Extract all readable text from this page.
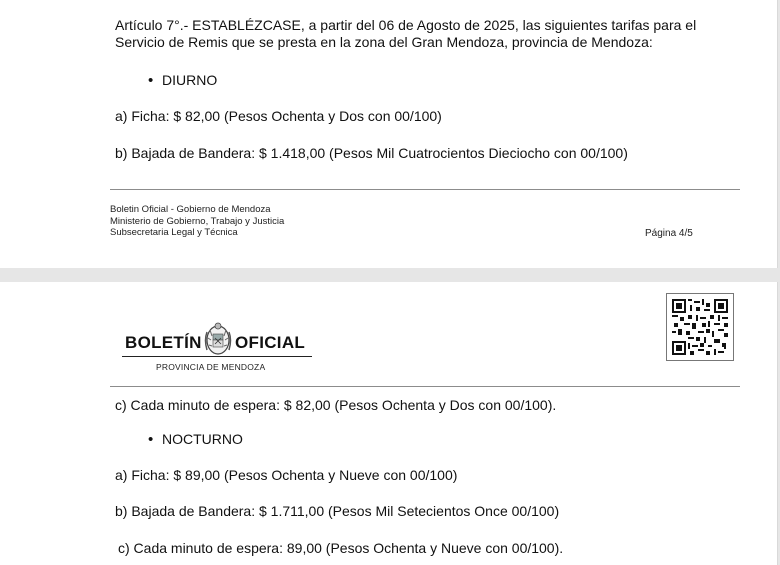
Artículo 7°.- ESTABLÉZCASE, a partir del 06 de Agosto de 2025, las siguientes tarifas para el
Servicio de Remis que se presta en la zona del Gran Mendoza, provincia de Mendoza:

• DIURNO

a) Ficha: $ 82,00 (Pesos Ochenta y Dos con 00/100)

b) Bajada de Bandera: $ 1.418,00 (Pesos Mil Cuatrocientos Dieciocho con 00/100)

Boletin Oficial - Gobierno de Mendoza
Ministerio de Gobierno, Trabajo y Justicia
Subsecretaria Legal y Técnica	Página 4/5
BOLETÍN OFICIAL
PROVINCIA DE MENDOZA

c) Cada minuto de espera: $ 82,00 (Pesos Ochenta y Dos con 00/100).

• NOCTURNO

a) Ficha: $ 89,00 (Pesos Ochenta y Nueve con 00/100)

b) Bajada de Bandera: $ 1.711,00 (Pesos Mil Setecientos Once 00/100)

c) Cada minuto de espera: 89,00 (Pesos Ochenta y Nueve con 00/100).
